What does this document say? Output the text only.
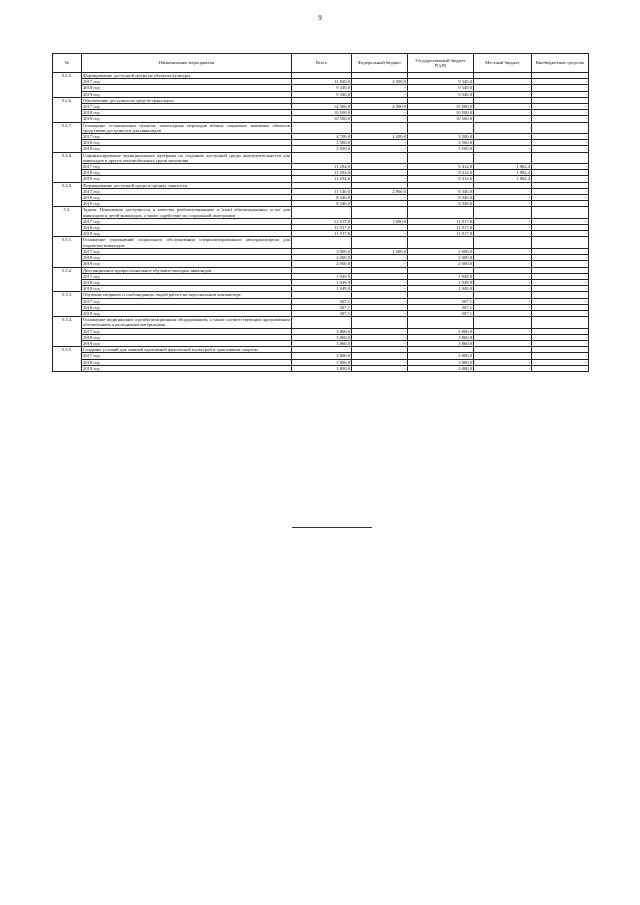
9
№	Наименование мероприятия	Всего	Федеральный бюджет	Государственный бюджет РС(Я)	Местный бюджет	Внебюджетные средства
5.2.5.	Формирование доступной среды на объектах культуры					
	2017 год	11 840,0	2 500,0	9 340,0	-	-
	2018 год	9 340,0	-	9 340,0	-	-
	2019 год	9 340,0	-	9 340,0	-	-
5.2.6.	Обеспечение доступности средств транспорта					
	2017 год	14 500,0	4 000,0	10 500,0	-	-
	2018 год	10 500,0	-	10 500,0	-	-
	2019 год	10 500,0	-	10 500,0	-	-
5.2.7.	Оснащение остановочных пунктов, пешеходных переходов вблизи социально значимых объектов средствами доступности для инвалидов					
	2017 год	4 700,0	1 200,0	3 500,0	-	-
	2018 год	3 500,0	-	3 500,0	-	-
	2019 год	3 500,0	-	3 500,0	-	-
5.2.8.	Софинансирование муниципальных программ по созданию доступной среды жизнедеятельности для инвалидов и других маломобильных групп населения					
	2017 год	11 294,6	-	9 412,0	1 882,4	-
	2018 год	11 294,6	-	9 412,0	1 882,4	-
	2019 год	11 294,6	-	9 412,0	1 882,4	-
5.2.9.	Формирование доступной среды в органах занятости					
	2017 год	11 140,0	2 800,0	8 340,0	-	-
	2018 год	8 340,0	-	8 340,0	-	-
	2019 год	8 340,0	-	8 340,0	-	-
5.3.	Задача: Повышение доступности и качества реабилитационных и (или) абилитационных услуг для инвалидов и детей-инвалидов, а также содействие их социальной интеграции					
	2017 год	12 917,0	1 000,0	11 917,0	-	-
	2018 год	11 917,0	-	11 917,0	-	-
	2019 год	11 917,0	-	11 917,0	-	-
5.3.1.	Оснащение учреждений социального обслуживания специализированным автотранспортом для перевозки инвалидов					
	2017 год	3 000,0	1 000,0	2 000,0	-	-
	2018 год	2 000,0	-	2 000,0	-	-
	2019 год	2 000,0	-	2 000,0	-	-
5.3.2.	Дистанционное профессиональное обучение молодых инвалидов					
	2017 год	1 949,9	-	1 949,9	-	-
	2018 год	1 949,9	-	1 949,9	-	-
	2019 год	1 949,9	-	1 949,9	-	-
5.3.3.	Обучение незрячих и слабовидящих людей работе на персональном компьютере					
	2017 год	307,1	-	307,1	-	-
	2018 год	307,1	-	307,1	-	-
	2019 год	307,1	-	307,1	-	-
5.3.4.	Оснащение медицинским и реабилитационным оборудованием, а также соответствующим программным обеспечением и расходными материалами					
	2017 год	3 860,0	-	3 860,0	-	-
	2018 год	3 860,0	-	3 860,0	-	-
	2019 год	3 860,0	-	3 860,0	-	-
5.3.5.	Создание условий для занятий адаптивной физической культурой и адаптивным спортом					
	2017 год	3 800,0	-	3 800,0	-	-
	2018 год	3 800,0	-	3 800,0	-	-
	2019 год	3 800,0	-	3 800,0	-	-
